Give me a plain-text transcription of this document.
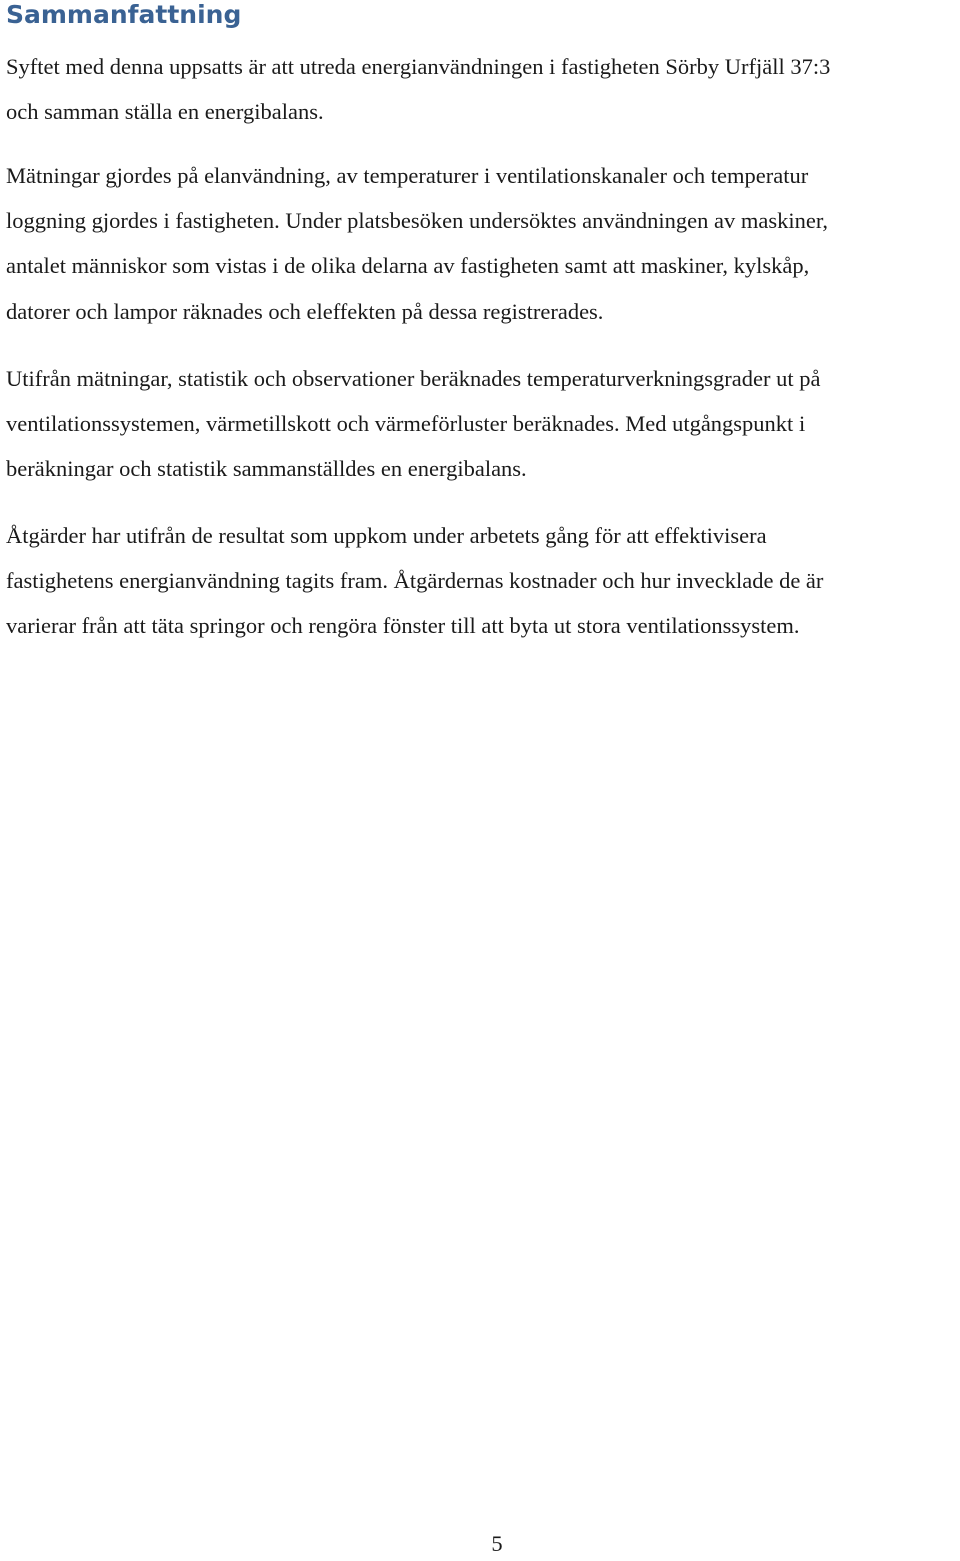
Sammanfattning

Syftet med denna uppsatts är att utreda energianvändningen i fastigheten Sörby Urfjäll 37:3
och samman ställa en energibalans.

Mätningar gjordes på elanvändning, av temperaturer i ventilationskanaler och temperatur
loggning gjordes i fastigheten. Under platsbesöken undersöktes användningen av maskiner,
antalet människor som vistas i de olika delarna av fastigheten samt att maskiner, kylskåp,
datorer och lampor räknades och eleffekten på dessa registrerades.

Utifrån mätningar, statistik och observationer beräknades temperaturverkningsgrader ut på
ventilationssystemen, värmetillskott och värmeförluster beräknades. Med utgångspunkt i
beräkningar och statistik sammanställdes en energibalans.

Åtgärder har utifrån de resultat som uppkom under arbetets gång för att effektivisera
fastighetens energianvändning tagits fram. Åtgärdernas kostnader och hur invecklade de är
varierar från att täta springor och rengöra fönster till att byta ut stora ventilationssystem.

5
